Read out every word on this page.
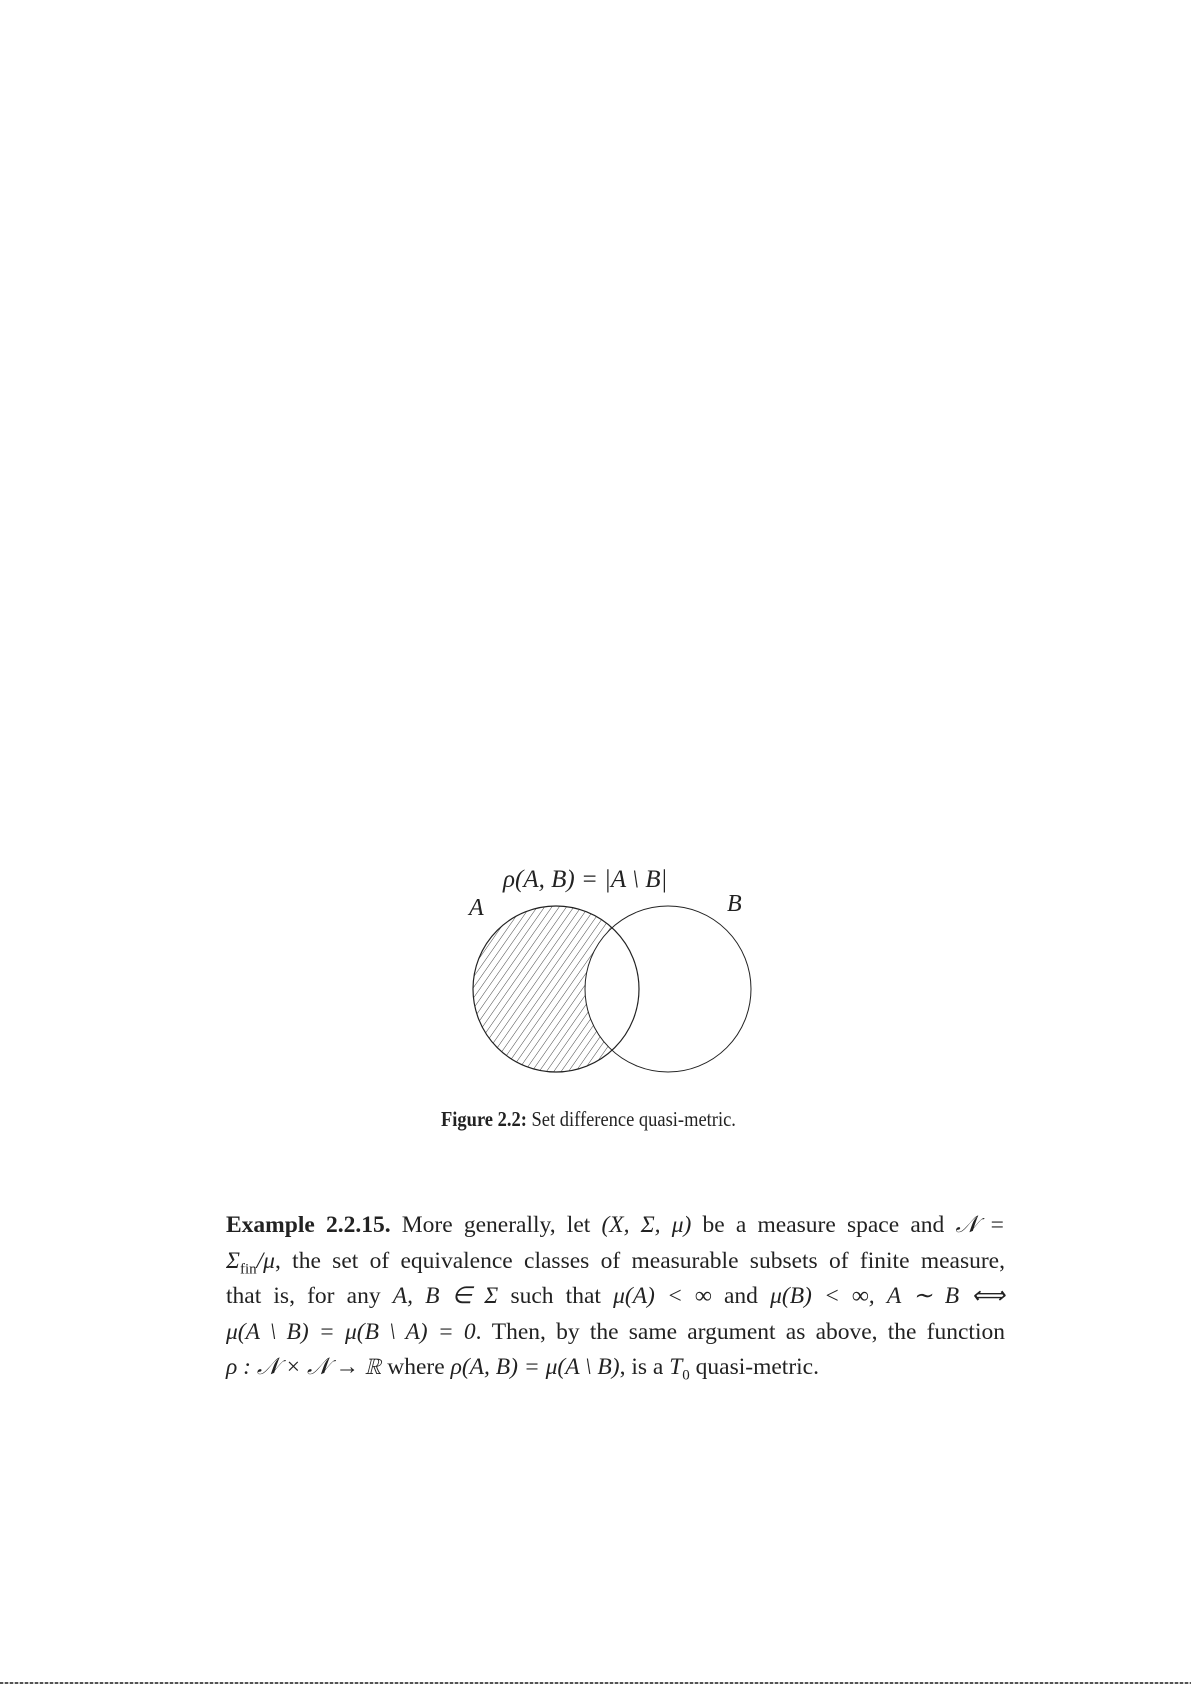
ρ(A, B) = |A \ B|
A	B
Figure 2.2: Set difference quasi-metric.
Example 2.2.15. More generally, let (X, Σ, μ) be a measure space and 𝒩 =
$\Sigma_{fin}/\mu$, the set of equivalence classes of measurable subsets of finite measure,
that is, for any A, B ∈ Σ such that μ(A) < ∞ and μ(B) < ∞, A ∼ B ⟺
μ(A \ B) = μ(B \ A) = 0. Then, by the same argument as above, the function
ρ : 𝒩 × 𝒩 → ℝ where ρ(A, B) = μ(A \ B), is a $T_0$ quasi-metric.
